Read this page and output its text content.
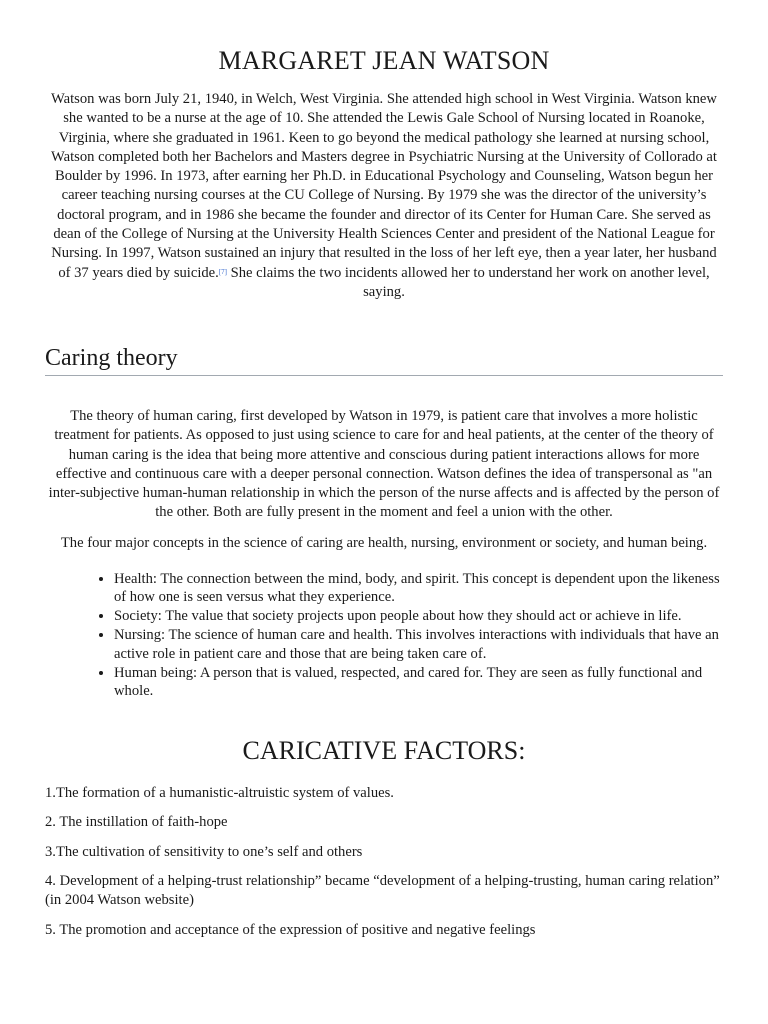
MARGARET JEAN WATSON

Watson was born July 21, 1940, in Welch, West Virginia. She attended high school in West Virginia. Watson knew she wanted to be a nurse at the age of 10. She attended the Lewis Gale School of Nursing located in Roanoke, Virginia, where she graduated in 1961. Keen to go beyond the medical pathology she learned at nursing school, Watson completed both her Bachelors and Masters degree in Psychiatric Nursing at the University of Collorado at Boulder by 1996. In 1973, after earning her Ph.D. in Educational Psychology and Counseling, Watson begun her career teaching nursing courses at the CU College of Nursing. By 1979 she was the director of the university’s doctoral program, and in 1986 she became the founder and director of its Center for Human Care. She served as dean of the College of Nursing at the University Health Sciences Center and president of the National League for Nursing. In 1997, Watson sustained an injury that resulted in the loss of her left eye, then a year later, her husband of 37 years died by suicide.[7] She claims the two incidents allowed her to understand her work on another level, saying.

Caring theory

The theory of human caring, first developed by Watson in 1979, is patient care that involves a more holistic treatment for patients. As opposed to just using science to care for and heal patients, at the center of the theory of human caring is the idea that being more attentive and conscious during patient interactions allows for more effective and continuous care with a deeper personal connection. Watson defines the idea of transpersonal as "an inter-subjective human-human relationship in which the person of the nurse affects and is affected by the person of the other. Both are fully present in the moment and feel a union with the other.

The four major concepts in the science of caring are health, nursing, environment or society, and human being.

• Health: The connection between the mind, body, and spirit. This concept is dependent upon the likeness of how one is seen versus what they experience.
• Society: The value that society projects upon people about how they should act or achieve in life.
• Nursing: The science of human care and health. This involves interactions with individuals that have an active role in patient care and those that are being taken care of.
• Human being: A person that is valued, respected, and cared for. They are seen as fully functional and whole.
CARICATIVE FACTORS:

1.The formation of a humanistic-altruistic system of values.

2. The instillation of faith-hope

3.The cultivation of sensitivity to one’s self and others

4. Development of a helping-trust relationship” became “development of a helping-trusting, human caring relation” (in 2004 Watson website)

5. The promotion and acceptance of the expression of positive and negative feelings
